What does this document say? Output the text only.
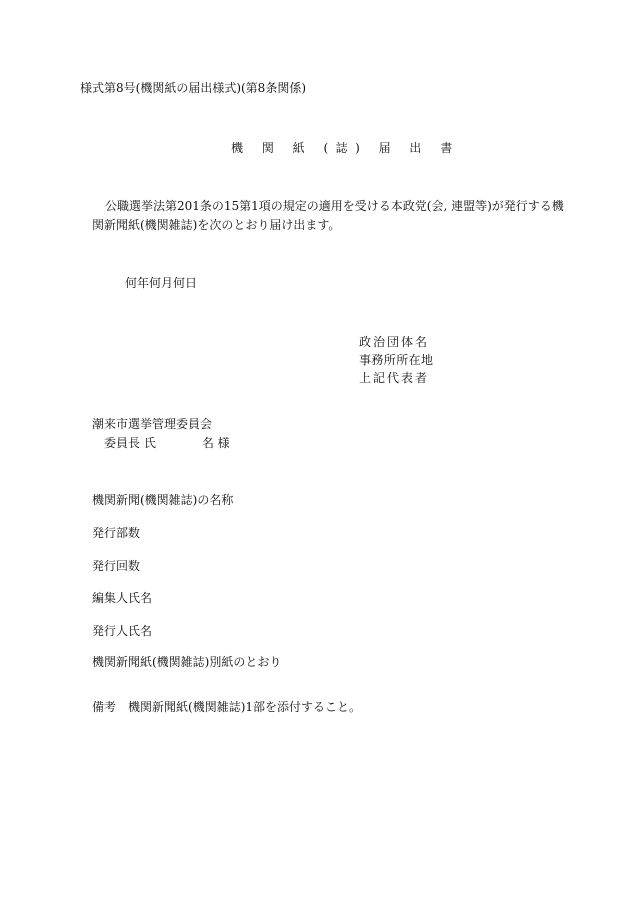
様式第8号(機関紙の届出様式)(第8条関係)

機 関 紙 (誌) 届 出 書

公職選挙法第201条の15第1項の規定の適用を受ける本政党(会, 連盟等)が発行する機

関新聞紙(機関雑誌)を次のとおり届け出ます。

何年何月何日

政治団体名

事務所所在地

上記代表者

潮来市選挙管理委員会

委員長 氏	名 様

機関新聞(機関雑誌)の名称

発行部数

発行回数

編集人氏名

発行人氏名

機関新聞紙(機関雑誌)別紙のとおり

備考 機関新聞紙(機関雑誌)1部を添付すること。
